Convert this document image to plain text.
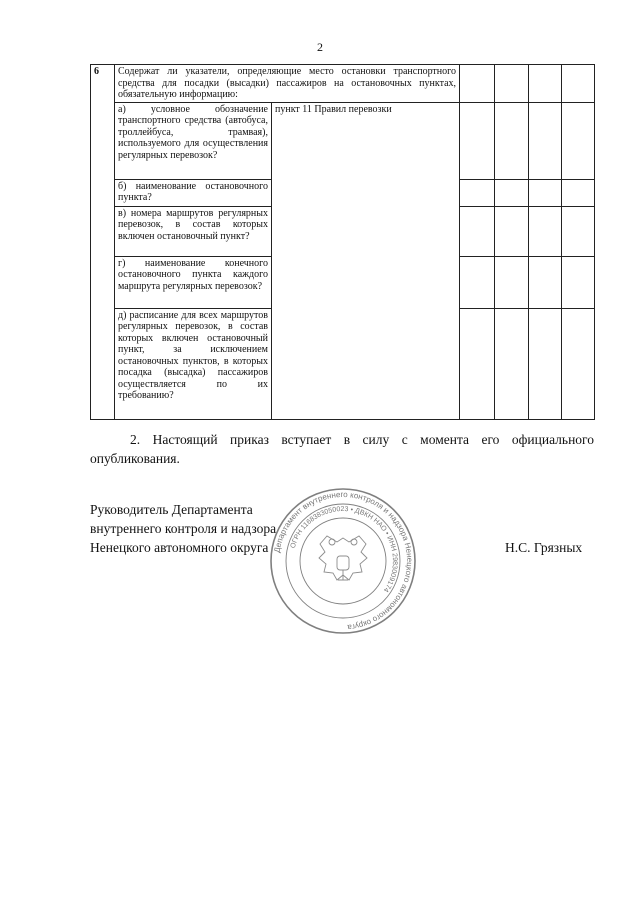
2
6	Содержат ли указатели, определяющие место остановки транспортного средства для посадки (высадки) пассажиров на остановочных пунктах, обязательную информацию:					
	а) условное обозначение транспортного средства (автобуса, троллейбуса, трамвая), используемого для осуществления регулярных перевозок?	пункт 11 Правил перевозки				
	б) наименование остановочного пункта?					
	в) номера маршрутов регулярных перевозок, в состав которых включен остановочный пункт?					
	г) наименование конечного остановочного пункта каждого маршрута регулярных перевозок?					
	д) расписание для всех маршрутов регулярных перевозок, в состав которых включен остановочный пункт, за исключением остановочных пунктов, в которых посадка (высадка) пассажиров осуществляется по их требованию?					
2. Настоящий приказ вступает в силу с момента его официального опубликования.
Руководитель Департамента
внутреннего контроля и надзора
Ненецкого автономного округа	Н.С. Грязных
Департамент внутреннего контроля и надзора Ненецкого автономного округа
ОГРН 1168383050023 • ДВКН НАО • ИНН 2983009174
